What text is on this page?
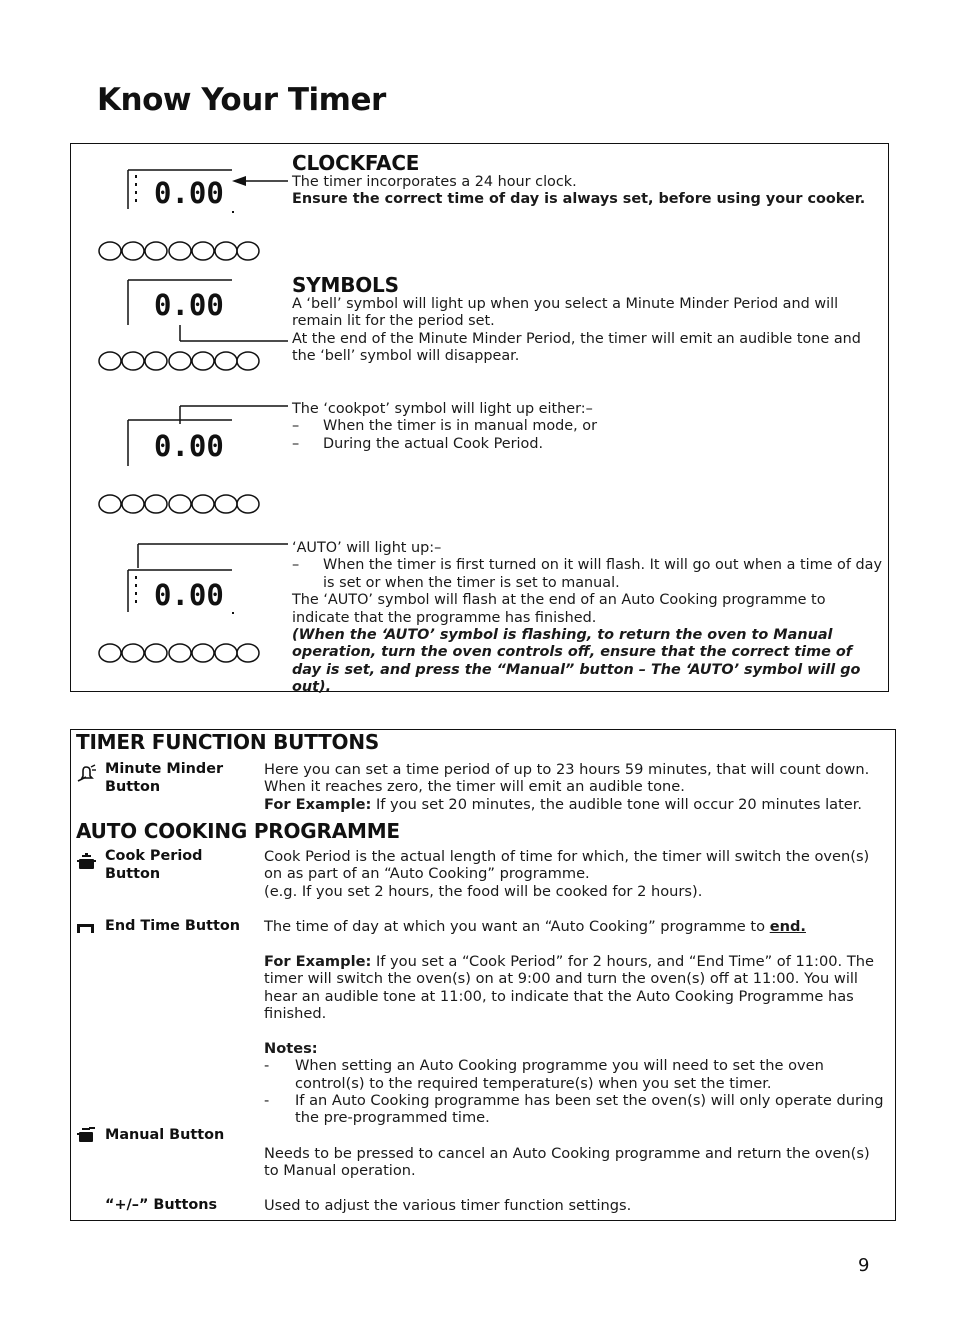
Know Your Timer
0.00
0.00
0.00
0.00
CLOCKFACE

The timer incorporates a 24 hour clock.

Ensure the correct time of day is always set, before using your cooker.

SYMBOLS

A ‘bell’ symbol will light up when you select a Minute Minder Period and will remain lit for the period set.

At the end of the Minute Minder Period, the timer will emit an audible tone and the ‘bell’ symbol will disappear.

The ‘cookpot’ symbol will light up either:–

– When the timer is in manual mode, or

– During the actual Cook Period.

‘AUTO’ will light up:–

– When the timer is first turned on it will flash. It will go out when a time of day is set or when the timer is set to manual.

The ‘AUTO’ symbol will flash at the end of an Auto Cooking programme to indicate that the programme has finished.

(When the ‘AUTO’ symbol is flashing, to return the oven to Manual operation, turn the oven controls off, ensure that the correct time of day is set, and press the “Manual” button – The ‘AUTO’ symbol will go out).

TIMER FUNCTION BUTTONS
Minute Minder Button

Here you can set a time period of up to 23 hours 59 minutes, that will count down. When it reaches zero, the timer will emit an audible tone.

For Example: If you set 20 minutes, the audible tone will occur 20 minutes later.

AUTO COOKING PROGRAMME
Cook Period Button

Cook Period is the actual length of time for which, the timer will switch the oven(s) on as part of an “Auto Cooking” programme.

(e.g. If you set 2 hours, the food will be cooked for 2 hours).

End Time Button	The time of day at which you want an “Auto Cooking” programme to end.

For Example: If you set a “Cook Period” for 2 hours, and “End Time” of 11:00. The timer will switch the oven(s) on at 9:00 and turn the oven(s) off at 11:00. You will hear an audible tone at 11:00, to indicate that the Auto Cooking Programme has finished.

Notes:

- When setting an Auto Cooking programme you will need to set the oven control(s) to the required temperature(s) when you set the timer.

- If an Auto Cooking programme has been set the oven(s) will only operate during the pre-programmed time.

Manual Button
Needs to be pressed to cancel an Auto Cooking programme and return the oven(s) to Manual operation.
“+/–” Buttons	Used to adjust the various timer function settings.
9
